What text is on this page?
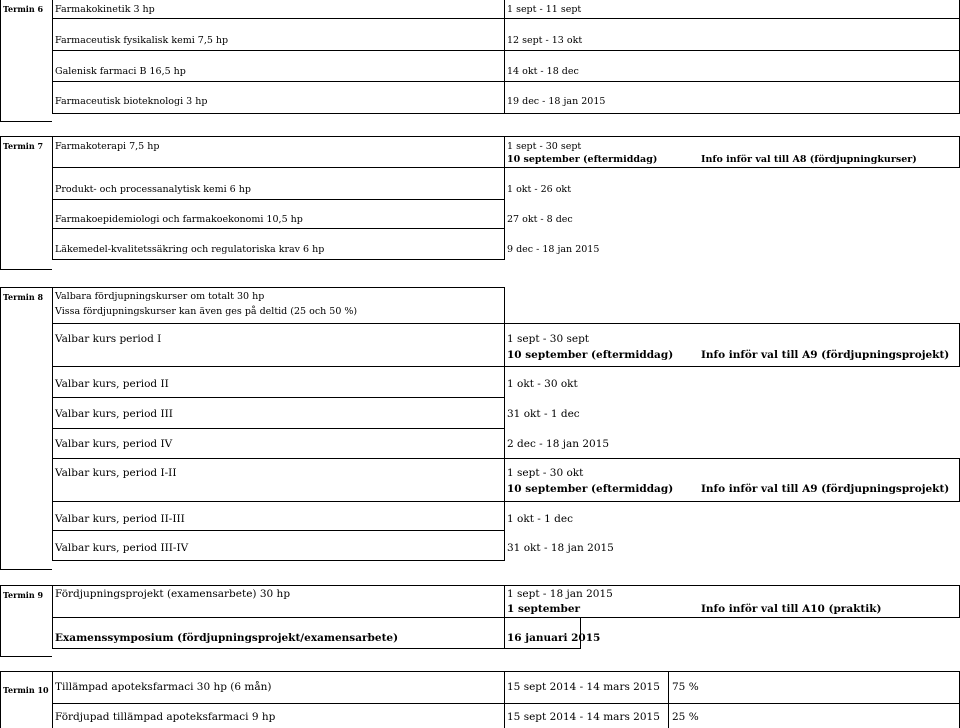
Termin 6 Farmakokinetik 3 hp	1 sept - 11 sept
Farmaceutisk fysikalisk kemi 7,5 hp	12 sept - 13 okt
Galenisk farmaci B 16,5 hp	14 okt - 18 dec
Farmaceutisk bioteknologi 3 hp	19 dec - 18 jan 2015
Termin 7 Farmakoterapi 7,5 hp	1 sept - 30 sept
10 september (eftermiddag)	Info inför val till A8 (fördjupningkurser)
Produkt- och processanalytisk kemi 6 hp	1 okt - 26 okt
Farmakoepidemiologi och farmakoekonomi 10,5 hp	27 okt - 8 dec
Läkemedel-kvalitetssäkring och regulatoriska krav 6 hp	9 dec - 18 jan 2015
Termin 8 Valbara fördjupningskurser om totalt 30 hp
Vissa fördjupningskurser kan även ges på deltid (25 och 50 %)
Valbar kurs period I	1 sept - 30 sept
10 september (eftermiddag)	Info inför val till A9 (fördjupningsprojekt)
Valbar kurs, period II	1 okt - 30 okt
Valbar kurs, period III	31 okt - 1 dec
Valbar kurs, period IV	2 dec - 18 jan 2015
Valbar kurs, period I-II	1 sept - 30 okt
10 september (eftermiddag)	Info inför val till A9 (fördjupningsprojekt)
Valbar kurs, period II-III	1 okt - 1 dec
Valbar kurs, period III-IV	31 okt - 18 jan 2015
Termin 9 Fördjupningsprojekt (examensarbete) 30 hp	1 sept - 18 jan 2015
1 september	Info inför val till A10 (praktik)
Examenssymposium (fördjupningsprojekt/examensarbete)	16 januari 2015
Termin 10 Tillämpad apoteksfarmaci 30 hp (6 mån)	15 sept 2014 - 14 mars 2015 75 %
Fördjupad tillämpad apoteksfarmaci 9 hp	15 sept 2014 - 14 mars 2015 25 %
